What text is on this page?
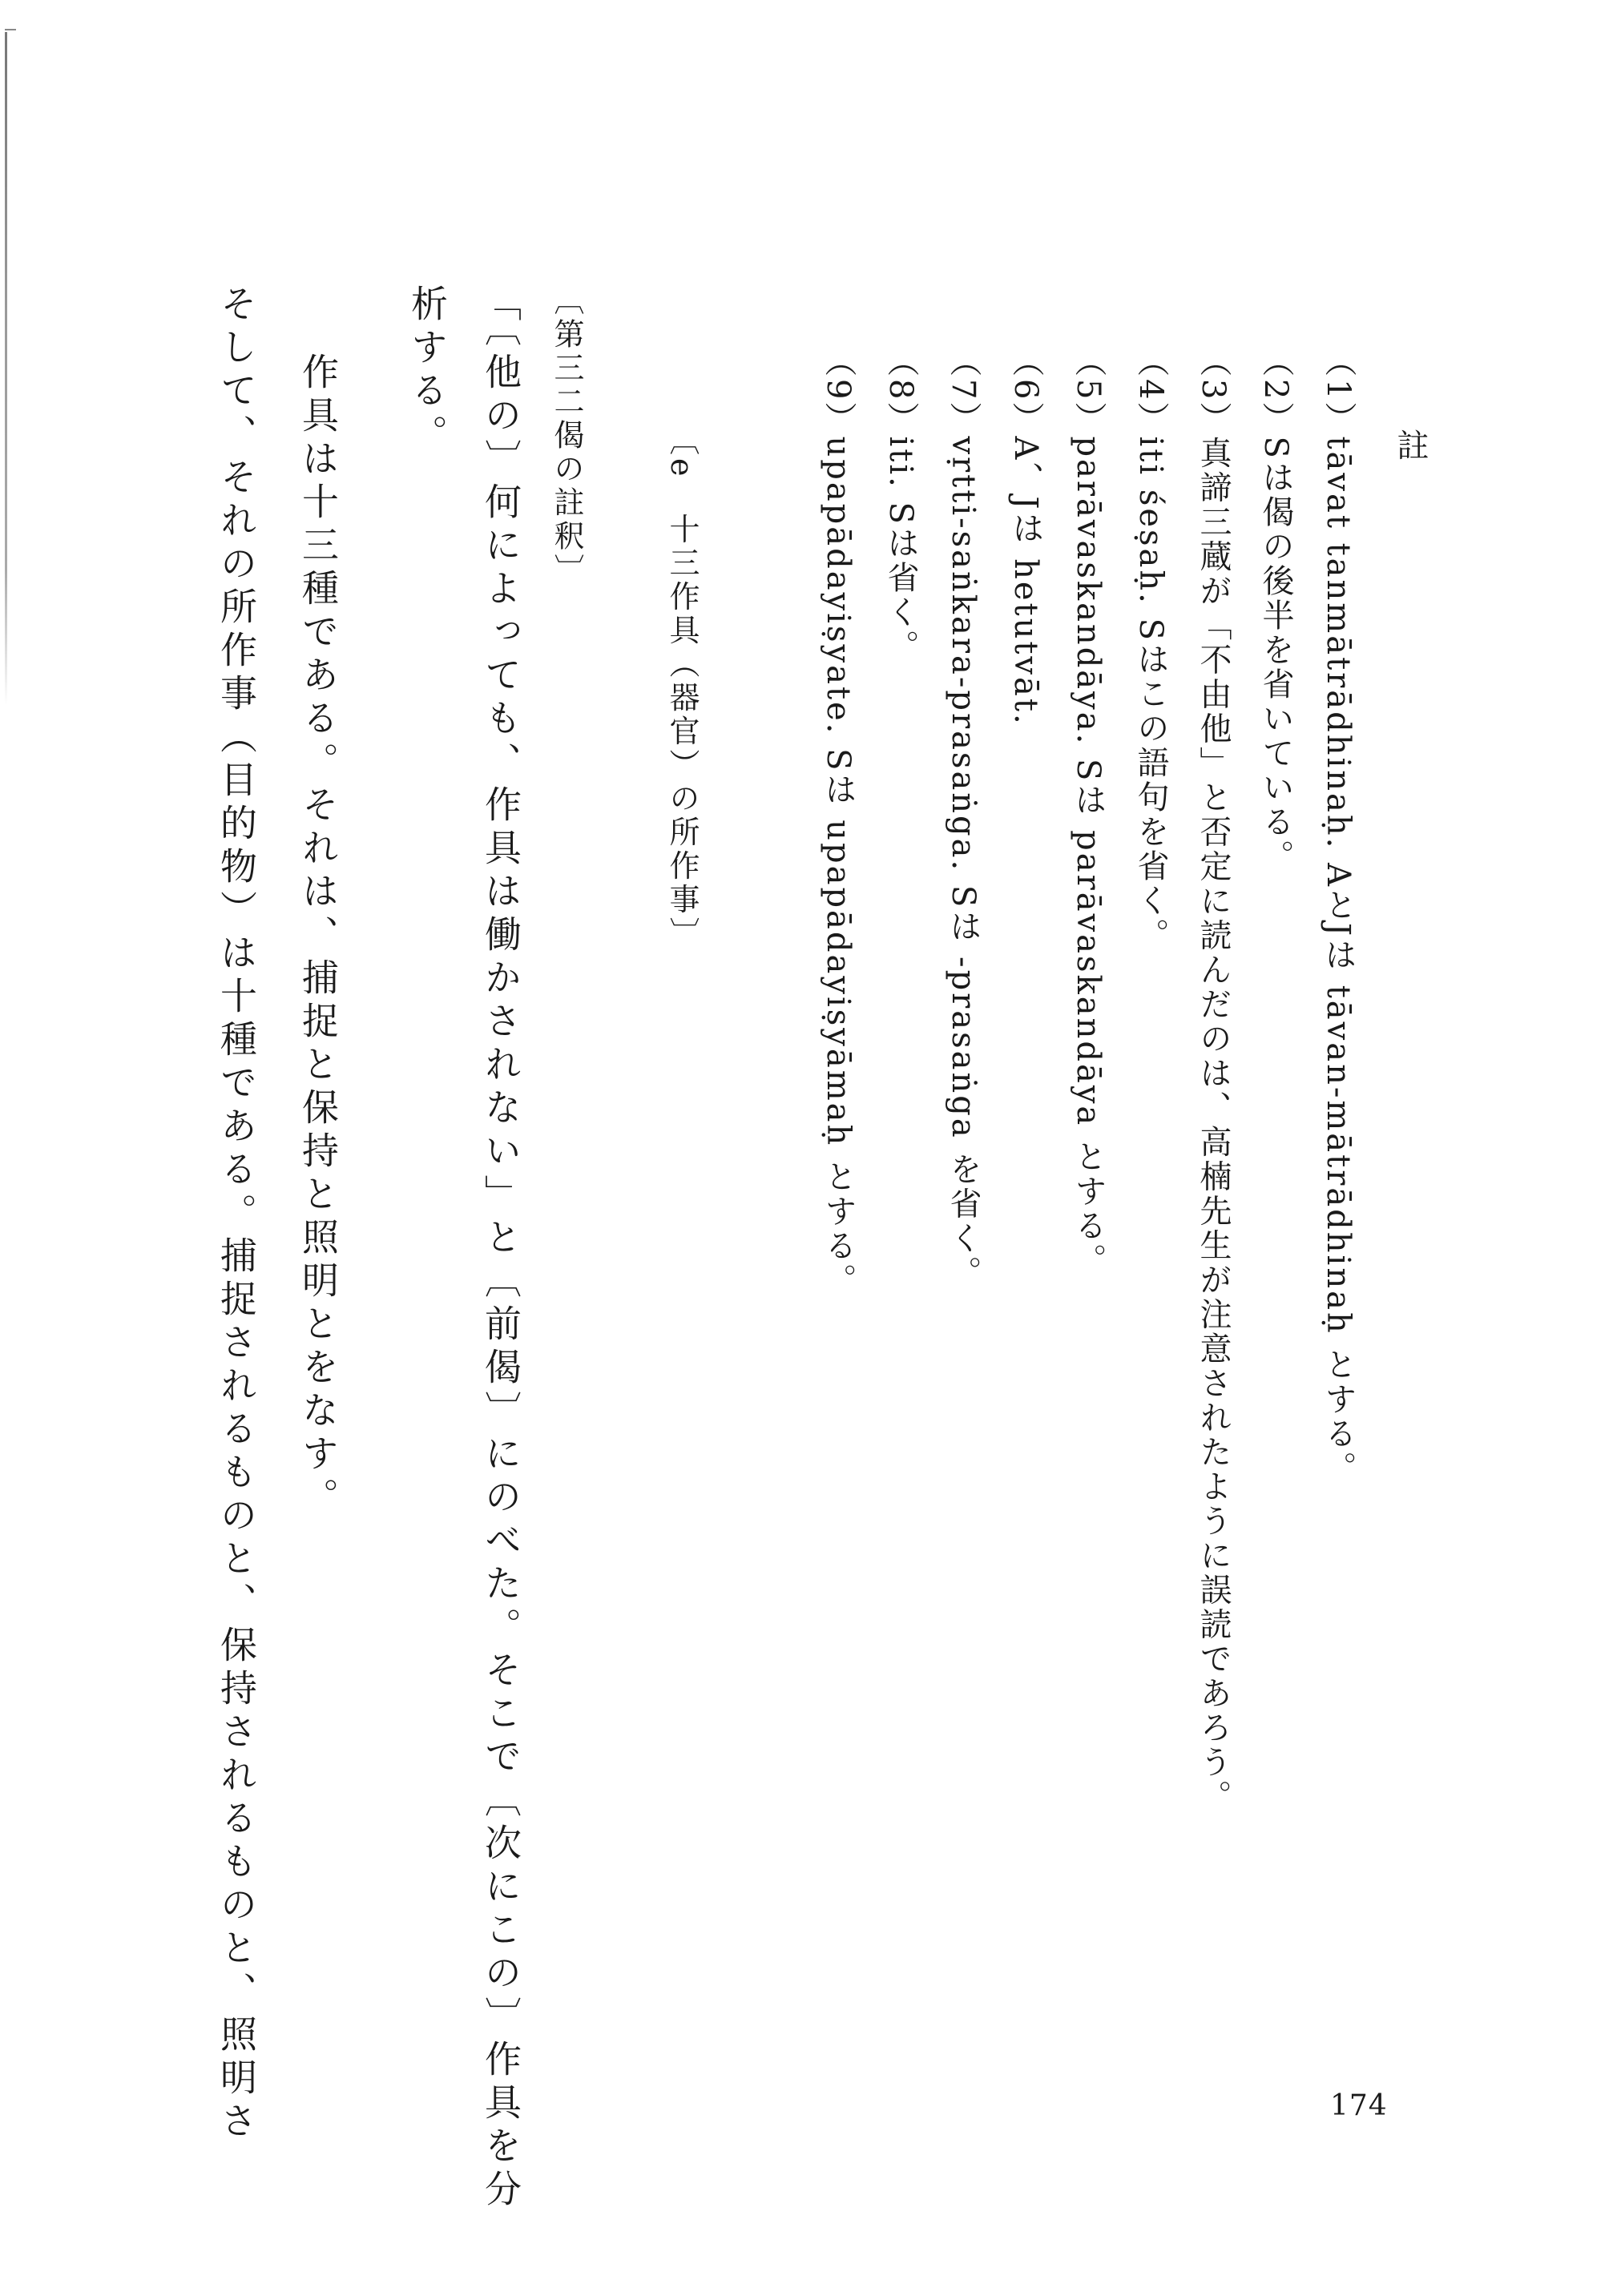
註
（1）tāvat tanmātrādhinaḥ. AとJは tāvan-mātrādhinaḥ とする。
（2）Sは偈の後半を省いている。
（3）真諦三蔵が「不由他」と否定に読んだのは、高楠先生が注意されたように誤読であろう。
（4）iti śeṣaḥ. Sはこの語句を省く。
（5）parāvaskandāya. Sは parāvaskandāya とする。
（6）A、Jは hetutvāt.
（7）vṛtti-saṅkara-prasaṅga. Sは -prasaṅga を省く。
（8）iti. Sは省く。
（9）upapādayiṣyate. Sは upapādayiṣyāmaḥ とする。
〔e　十三作具（器官）の所作事〕
〔第三二偈の註釈〕
「〔他の〕何によっても、作具は働かされない」と〔前偈〕にのべた。そこで〔次にこの〕作具を分
析する。
作具は十三種である。それは、捕捉と保持と照明とをなす。
そして、それの所作事（目的物）は十種である。捕捉されるものと、保持されるものと、照明さ	174
